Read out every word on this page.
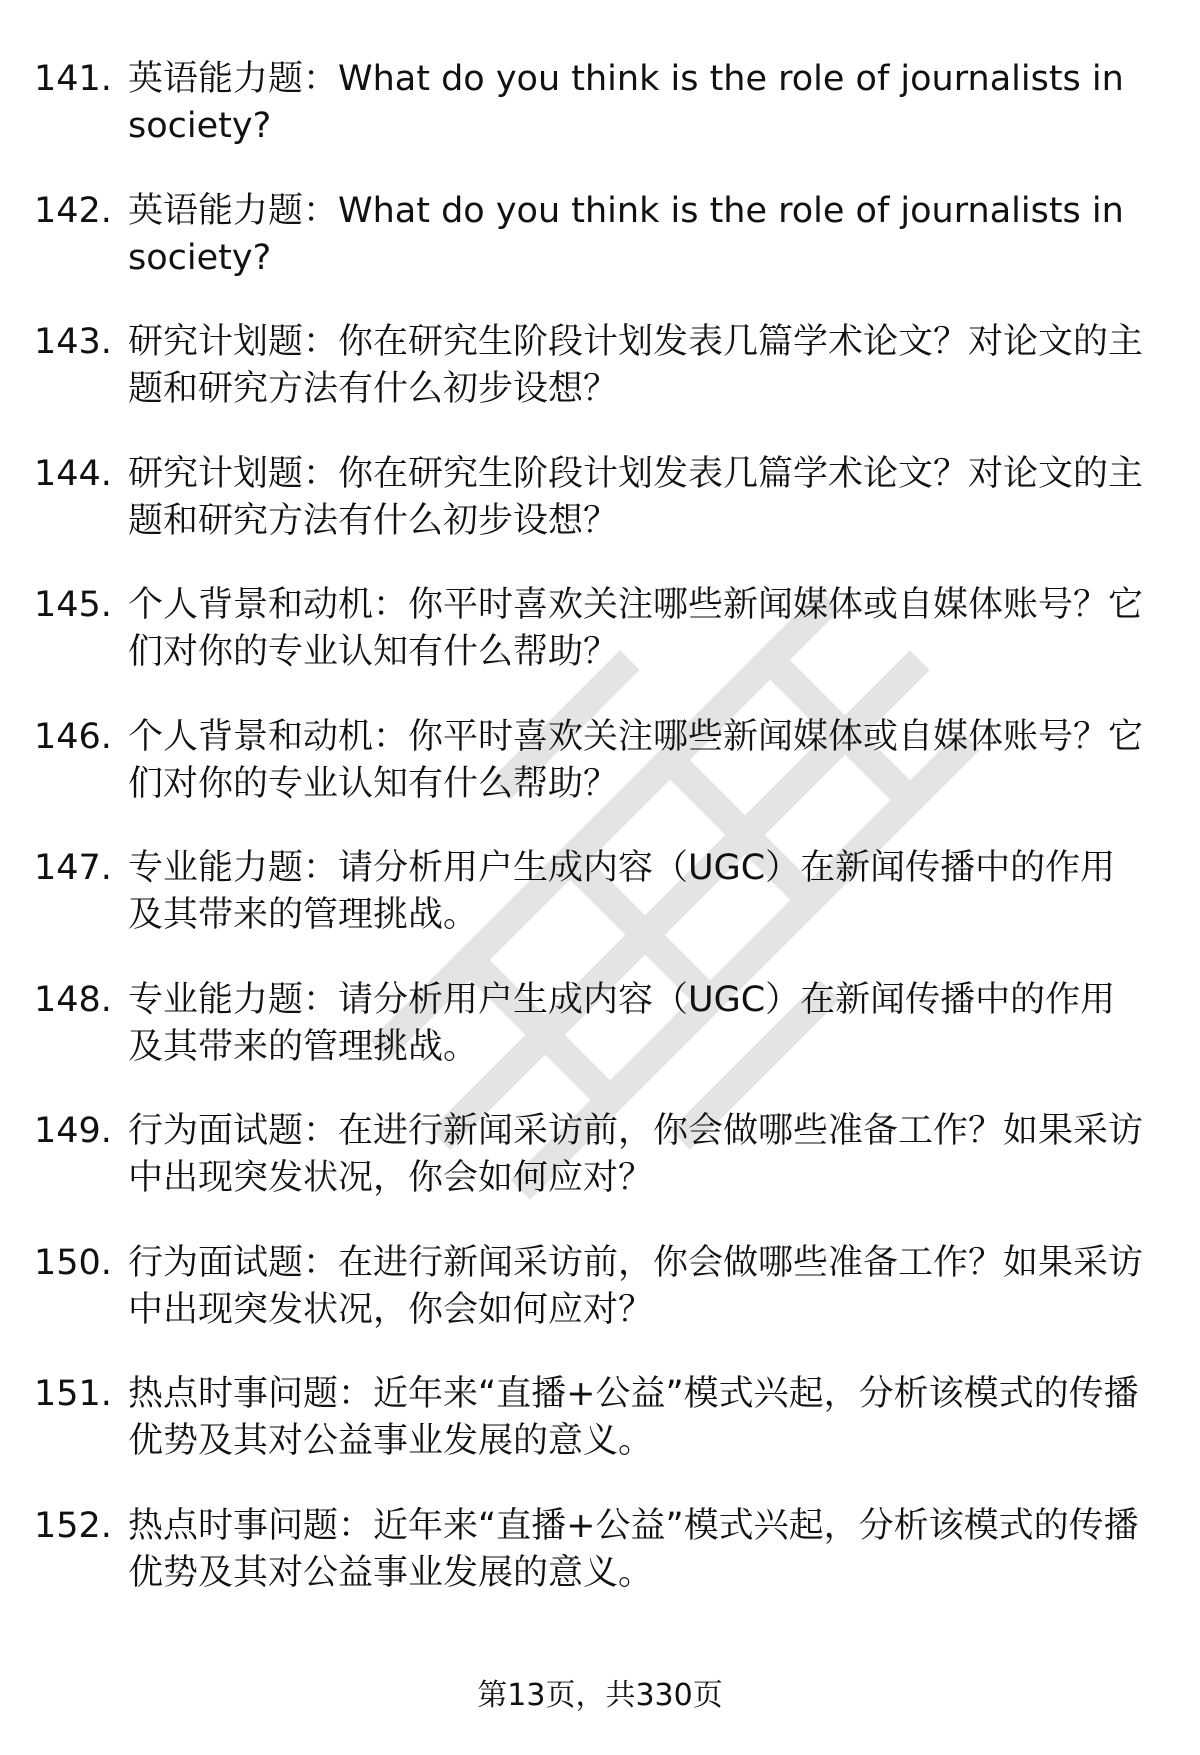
141. 英语能力题：What do you think is the role of journalists in society?
142. 英语能力题：What do you think is the role of journalists in society?
143. 研究计划题：你在研究生阶段计划发表几篇学术论文？对论文的主题和研究方法有什么初步设想？
144. 研究计划题：你在研究生阶段计划发表几篇学术论文？对论文的主题和研究方法有什么初步设想？
145. 个人背景和动机：你平时喜欢关注哪些新闻媒体或自媒体账号？它们对你的专业认知有什么帮助？
146. 个人背景和动机：你平时喜欢关注哪些新闻媒体或自媒体账号？它们对你的专业认知有什么帮助？
147. 专业能力题：请分析用户生成内容（UGC）在新闻传播中的作用及其带来的管理挑战。
148. 专业能力题：请分析用户生成内容（UGC）在新闻传播中的作用及其带来的管理挑战。
149. 行为面试题：在进行新闻采访前，你会做哪些准备工作？如果采访中出现突发状况，你会如何应对？
150. 行为面试题：在进行新闻采访前，你会做哪些准备工作？如果采访中出现突发状况，你会如何应对？
151. 热点时事问题：近年来“直播+公益”模式兴起，分析该模式的传播优势及其对公益事业发展的意义。
152. 热点时事问题：近年来“直播+公益”模式兴起，分析该模式的传播优势及其对公益事业发展的意义。
第13页，共330页
